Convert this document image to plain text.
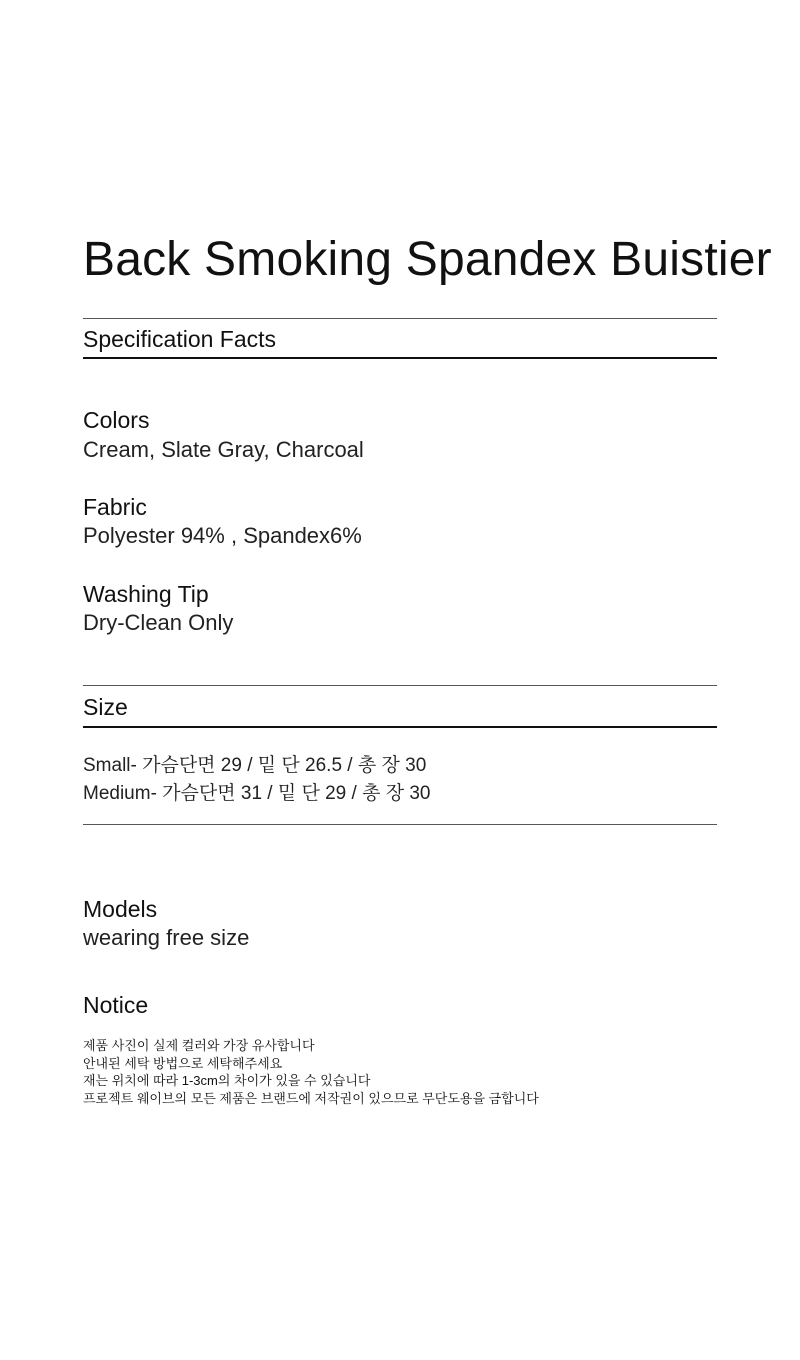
Back Smoking Spandex Buistier
Specification Facts
Colors

Cream, Slate Gray, Charcoal

Fabric

Polyester 94% , Spandex6%

Washing Tip

Dry-Clean Only

Size

Small- 가슴단면 29 / 밑 단 26.5 / 총 장 30

Medium- 가슴단면 31 / 밑 단 29 / 총 장 30

Models

wearing free size

Notice
제품 사진이 실제 컬러와 가장 유사합니다
안내된 세탁 방법으로 세탁해주세요
재는 위치에 따라 1-3cm의 차이가 있을 수 있습니다
프로젝트 웨이브의 모든 제품은 브랜드에 저작권이 있으므로 무단도용을 금합니다
